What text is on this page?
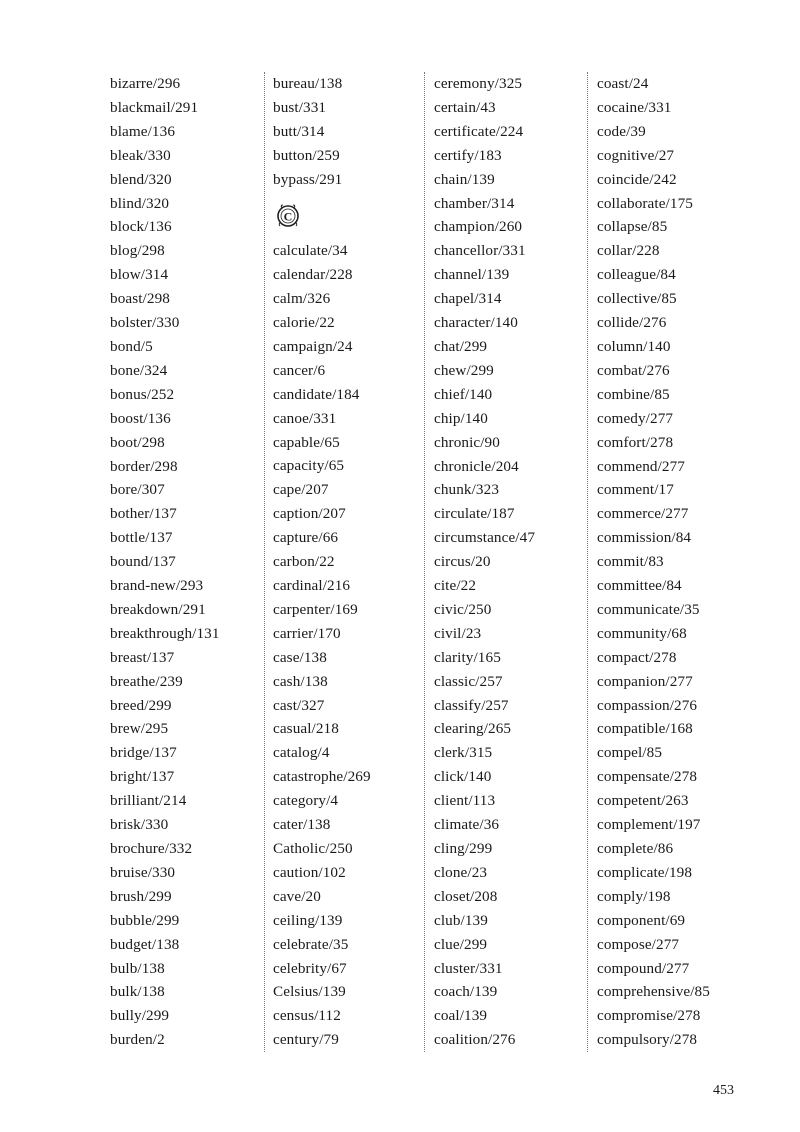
bizarre/296
blackmail/291
blame/136
bleak/330
blend/320
blind/320
block/136
blog/298
blow/314
boast/298
bolster/330
bond/5
bone/324
bonus/252
boost/136
boot/298
border/298
bore/307
bother/137
bottle/137
bound/137
brand-new/293
breakdown/291
breakthrough/131
breast/137
breathe/239
breed/299
brew/295
bridge/137
bright/137
brilliant/214
brisk/330
brochure/332
bruise/330
brush/299
bubble/299
budget/138
bulb/138
bulk/138
bully/299
burden/2
bureau/138
bust/331
butt/314
button/259
bypass/291
C
calculate/34
calendar/228
calm/326
calorie/22
campaign/24
cancer/6
candidate/184
canoe/331
capable/65
capacity/65
cape/207
caption/207
capture/66
carbon/22
cardinal/216
carpenter/169
carrier/170
case/138
cash/138
cast/327
casual/218
catalog/4
catastrophe/269
category/4
cater/138
Catholic/250
caution/102
cave/20
ceiling/139
celebrate/35
celebrity/67
Celsius/139
census/112
century/79
ceremony/325
certain/43
certificate/224
certify/183
chain/139
chamber/314
champion/260
chancellor/331
channel/139
chapel/314
character/140
chat/299
chew/299
chief/140
chip/140
chronic/90
chronicle/204
chunk/323
circulate/187
circumstance/47
circus/20
cite/22
civic/250
civil/23
clarity/165
classic/257
classify/257
clearing/265
clerk/315
click/140
client/113
climate/36
cling/299
clone/23
closet/208
club/139
clue/299
cluster/331
coach/139
coal/139
coalition/276
coast/24
cocaine/331
code/39
cognitive/27
coincide/242
collaborate/175
collapse/85
collar/228
colleague/84
collective/85
collide/276
column/140
combat/276
combine/85
comedy/277
comfort/278
commend/277
comment/17
commerce/277
commission/84
commit/83
committee/84
communicate/35
community/68
compact/278
companion/277
compassion/276
compatible/168
compel/85
compensate/278
competent/263
complement/197
complete/86
complicate/198
comply/198
component/69
compose/277
compound/277
comprehensive/85
compromise/278
compulsory/278
453
